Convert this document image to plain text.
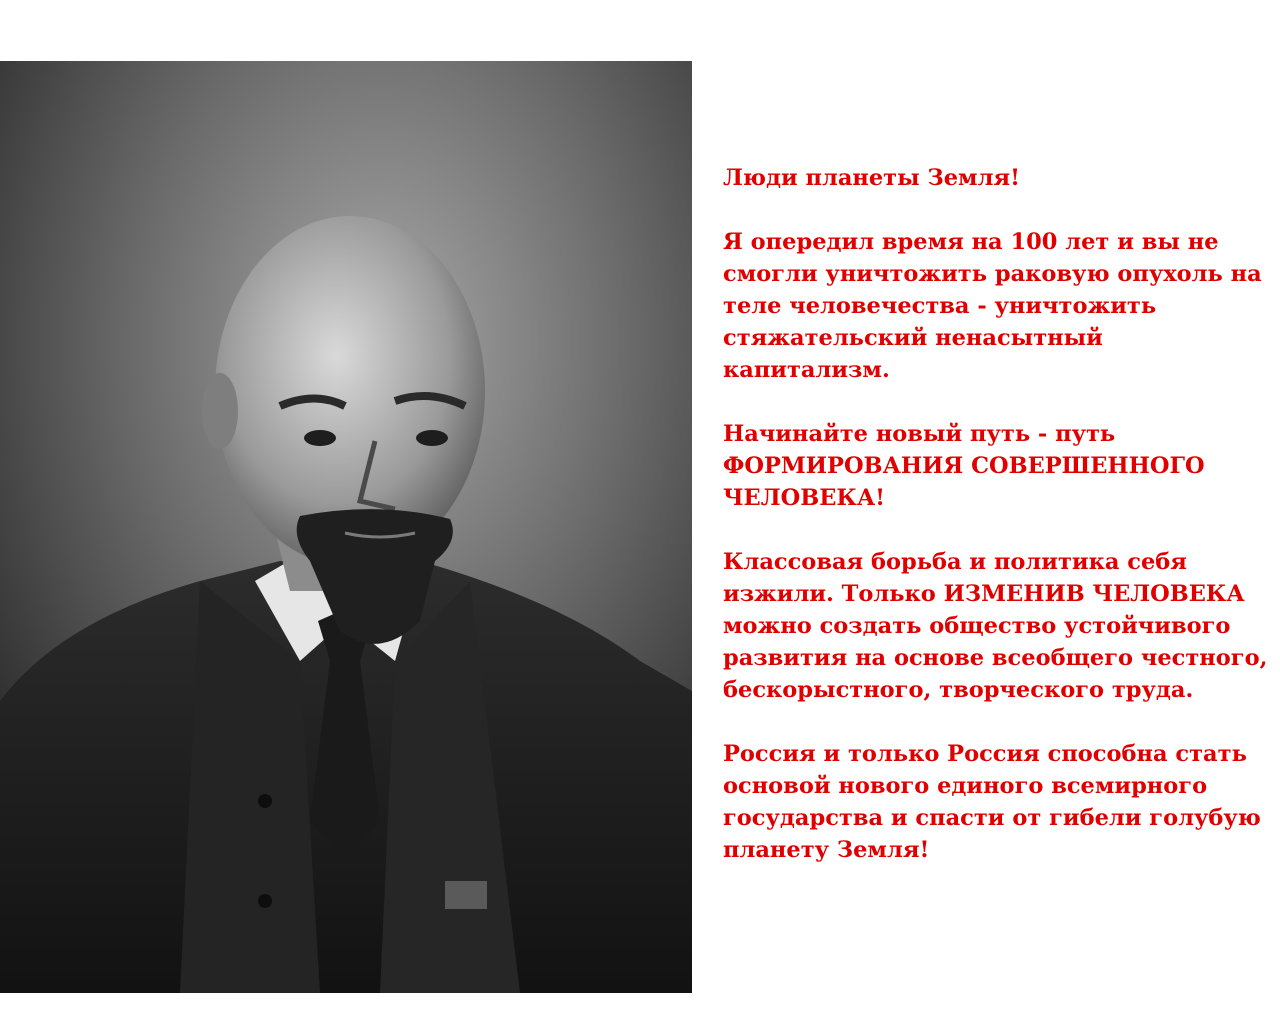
Люди планеты Земля!

Я опередил время на 100 лет и вы не
смогли уничтожить раковую опухоль на
теле человечества - уничтожить
стяжательский ненасытный
капитализм.

Начинайте новый путь - путь
ФОРМИРОВАНИЯ СОВЕРШЕННОГО
ЧЕЛОВЕКА!

Классовая борьба и политика себя
изжили. Только ИЗМЕНИВ ЧЕЛОВЕКА
можно создать общество устойчивого
развития на основе всеобщего честного,
бескорыстного, творческого труда.

Россия и только Россия способна стать
основой нового единого всемирного
государства и спасти от гибели голубую
планету Земля!
